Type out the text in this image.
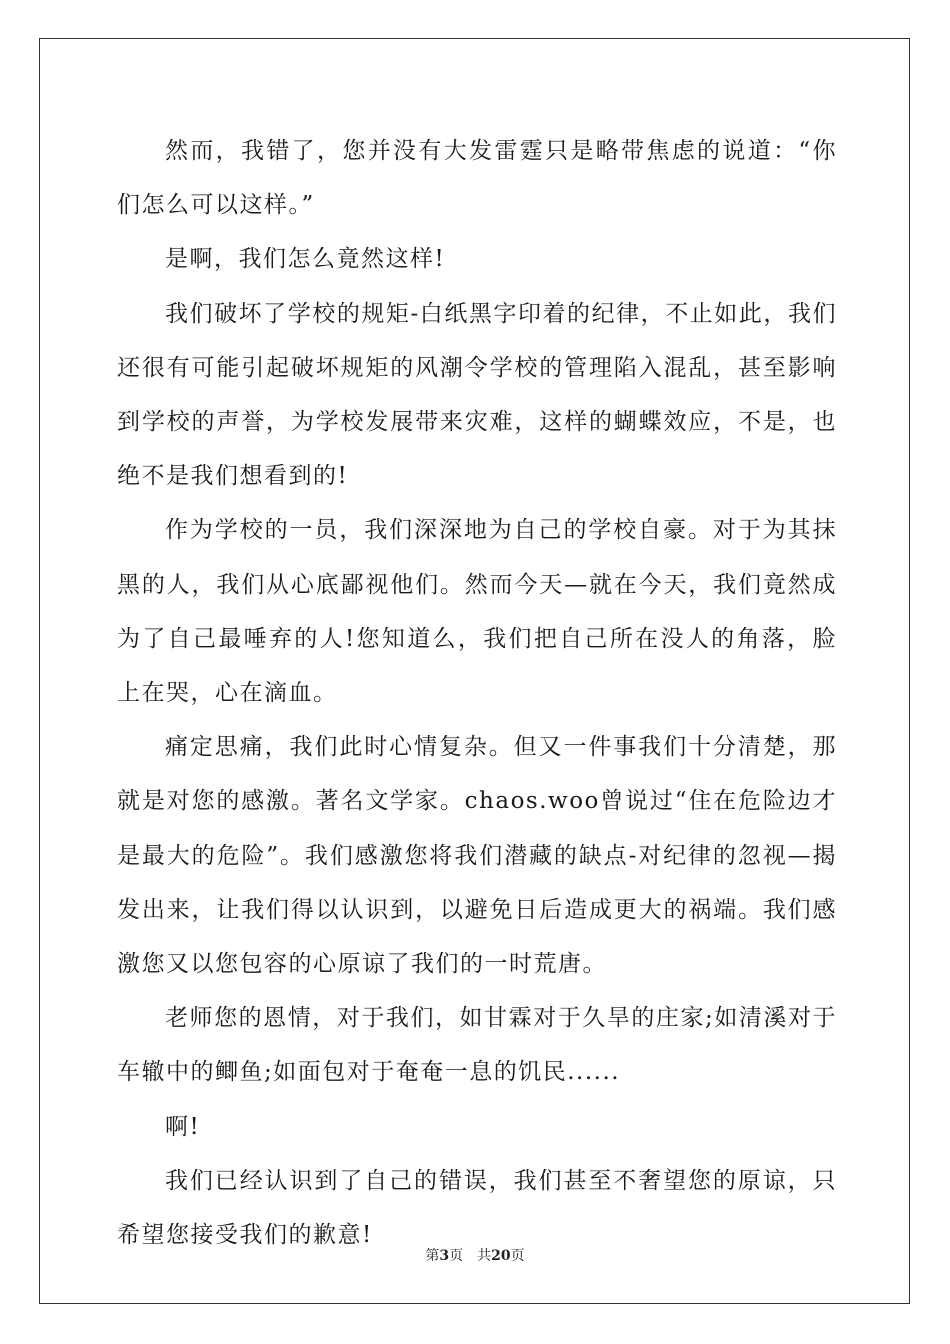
然而，我错了，您并没有大发雷霆只是略带焦虑的说道：“你们怎么可以这样。”

是啊，我们怎么竟然这样!

我们破坏了学校的规矩-白纸黑字印着的纪律，不止如此，我们还很有可能引起破坏规矩的风潮令学校的管理陷入混乱，甚至影响到学校的声誉，为学校发展带来灾难，这样的蝴蝶效应，不是，也绝不是我们想看到的!

作为学校的一员，我们深深地为自己的学校自豪。对于为其抹黑的人，我们从心底鄙视他们。然而今天—就在今天，我们竟然成为了自己最唾弃的人!您知道么，我们把自己所在没人的角落，脸上在哭，心在滴血。

痛定思痛，我们此时心情复杂。但又一件事我们十分清楚，那就是对您的感激。著名文学家。chaos.woo曾说过“住在危险边才是最大的危险”。我们感激您将我们潜藏的缺点-对纪律的忽视—揭发出来，让我们得以认识到，以避免日后造成更大的祸端。我们感激您又以您包容的心原谅了我们的一时荒唐。

老师您的恩情，对于我们，如甘霖对于久旱的庄家;如清溪对于车辙中的鲫鱼;如面包对于奄奄一息的饥民......

啊!

我们已经认识到了自己的错误，我们甚至不奢望您的原谅，只希望您接受我们的歉意!

第3页 共20页
